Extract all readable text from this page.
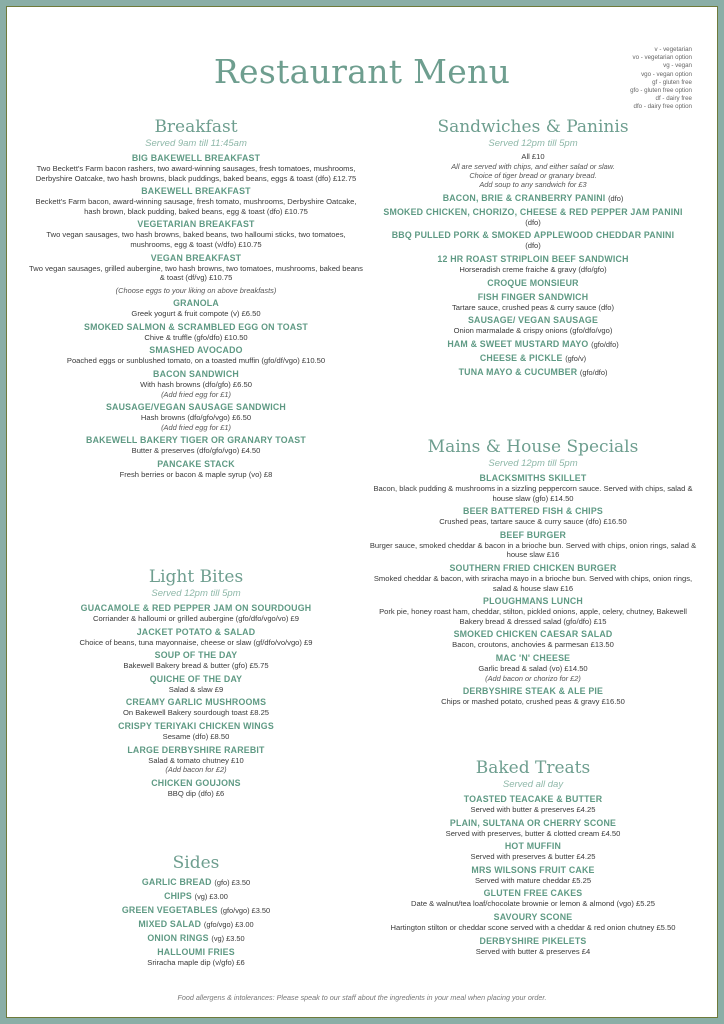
Restaurant Menu
v - vegetarian
vo - vegetarian option
vg - vegan
vgo - vegan option
gf - gluten free
gfo - gluten free option
df - dairy free
dfo - dairy free option
Breakfast
Served 9am till 11:45am
BIG BAKEWELL BREAKFAST
Two Beckett's Farm bacon rashers, two award-winning sausages, fresh tomatoes, mushrooms, Derbyshire Oatcake, two hash browns, black puddings, baked beans, eggs & toast (dfo) £12.75
BAKEWELL BREAKFAST
Beckett's Farm bacon, award-winning sausage, fresh tomato, mushrooms, Derbyshire Oatcake, hash brown, black pudding, baked beans, egg & toast (dfo) £10.75
VEGETARIAN BREAKFAST
Two vegan sausages, two hash browns, baked beans, two halloumi sticks, two tomatoes, mushrooms, egg & toast (v/dfo) £10.75
VEGAN BREAKFAST
Two vegan sausages, grilled aubergine, two hash browns, two tomatoes, mushrooms, baked beans & toast (df/vg) £10.75
(Choose eggs to your liking on above breakfasts)
GRANOLA
Greek yogurt & fruit compote (v) £6.50
SMOKED SALMON & SCRAMBLED EGG ON TOAST
Chive & truffle (gfo/dfo) £10.50
SMASHED AVOCADO
Poached eggs or sunblushed tomato, on a toasted muffin (gfo/df/vgo) £10.50
BACON SANDWICH
With hash browns (dfo/gfo) £6.50
(Add fried egg for £1)
SAUSAGE/VEGAN SAUSAGE SANDWICH
Hash browns (dfo/gfo/vgo) £6.50
(Add fried egg for £1)
BAKEWELL BAKERY TIGER OR GRANARY TOAST
Butter & preserves (dfo/gfo/vgo) £4.50
PANCAKE STACK
Fresh berries or bacon & maple syrup (vo) £8
Light Bites
Served 12pm till 5pm
GUACAMOLE & RED PEPPER JAM ON SOURDOUGH
Corriander & halloumi or grilled aubergine (gfo/dfo/vgo/vo) £9
JACKET POTATO & SALAD
Choice of beans, tuna mayonnaise, cheese or slaw (gf/dfo/vo/vgo) £9
SOUP OF THE DAY
Bakewell Bakery bread & butter (gfo) £5.75
QUICHE OF THE DAY
Salad & slaw £9
CREAMY GARLIC MUSHROOMS
On Bakewell Bakery sourdough toast £8.25
CRISPY TERIYAKI CHICKEN WINGS
Sesame (dfo) £8.50
LARGE DERBYSHIRE RAREBIT
Salad & tomato chutney £10
(Add bacon for £2)
CHICKEN GOUJONS
BBQ dip (dfo) £6
Sides
GARLIC BREAD (gfo) £3.50
CHIPS (vg) £3.00
GREEN VEGETABLES (gfo/vgo) £3.50
MIXED SALAD (gfo/vgo) £3.00
ONION RINGS (vg) £3.50
HALLOUMI FRIES
Sriracha maple dip (v/gfo) £6
Sandwiches & Paninis
Served 12pm till 5pm
All £10
All are served with chips, and either salad or slaw.
Choice of tiger bread or granary bread.
Add soup to any sandwich for £3
BACON, BRIE & CRANBERRY PANINI (dfo)
SMOKED CHICKEN, CHORIZO, CHEESE & RED PEPPER JAM PANINI
(dfo)
BBQ PULLED PORK & SMOKED APPLEWOOD CHEDDAR PANINI
(dfo)
12 HR ROAST STRIPLOIN BEEF SANDWICH
Horseradish creme fraiche & gravy (dfo/gfo)
CROQUE MONSIEUR
FISH FINGER SANDWICH
Tartare sauce, crushed peas & curry sauce (dfo)
SAUSAGE/ VEGAN SAUSAGE
Onion marmalade & crispy onions (gfo/dfo/vgo)
HAM & SWEET MUSTARD MAYO (gfo/dfo)
CHEESE & PICKLE (gfo/v)
TUNA MAYO & CUCUMBER (gfo/dfo)
Mains & House Specials
Served 12pm till 5pm
BLACKSMITHS SKILLET
Bacon, black pudding & mushrooms in a sizzling peppercorn sauce. Served with chips, salad & house slaw (gfo) £14.50
BEER BATTERED FISH & CHIPS
Crushed peas, tartare sauce & curry sauce (dfo) £16.50
BEEF BURGER
Burger sauce, smoked cheddar & bacon in a brioche bun. Served with chips, onion rings, salad & house slaw £16
SOUTHERN FRIED CHICKEN BURGER
Smoked cheddar & bacon, with sriracha mayo in a brioche bun. Served with chips, onion rings, salad & house slaw £16
PLOUGHMANS LUNCH
Pork pie, honey roast ham, cheddar, stilton, pickled onions, apple, celery, chutney, Bakewell Bakery bread & dressed salad (gfo/dfo) £15
SMOKED CHICKEN CAESAR SALAD
Bacon, croutons, anchovies & parmesan £13.50
MAC 'N' CHEESE
Garlic bread & salad (vo) £14.50
(Add bacon or chorizo for £2)
DERBYSHIRE STEAK & ALE PIE
Chips or mashed potato, crushed peas & gravy £16.50
Baked Treats
Served all day
TOASTED TEACAKE & BUTTER
Served with butter & preserves £4.25
PLAIN, SULTANA OR CHERRY SCONE
Served with preserves, butter & clotted cream £4.50
HOT MUFFIN
Served with preserves & butter £4.25
MRS WILSONS FRUIT CAKE
Served with mature cheddar £5.25
GLUTEN FREE CAKES
Date & walnut/tea loaf/chocolate brownie or lemon & almond (vgo) £5.25
SAVOURY SCONE
Hartington stilton or cheddar scone served with a cheddar & red onion chutney £5.50
DERBYSHIRE PIKELETS
Served with butter & preserves £4
Food allergens & intolerances: Please speak to our staff about the ingredients in your meal when placing your order.
